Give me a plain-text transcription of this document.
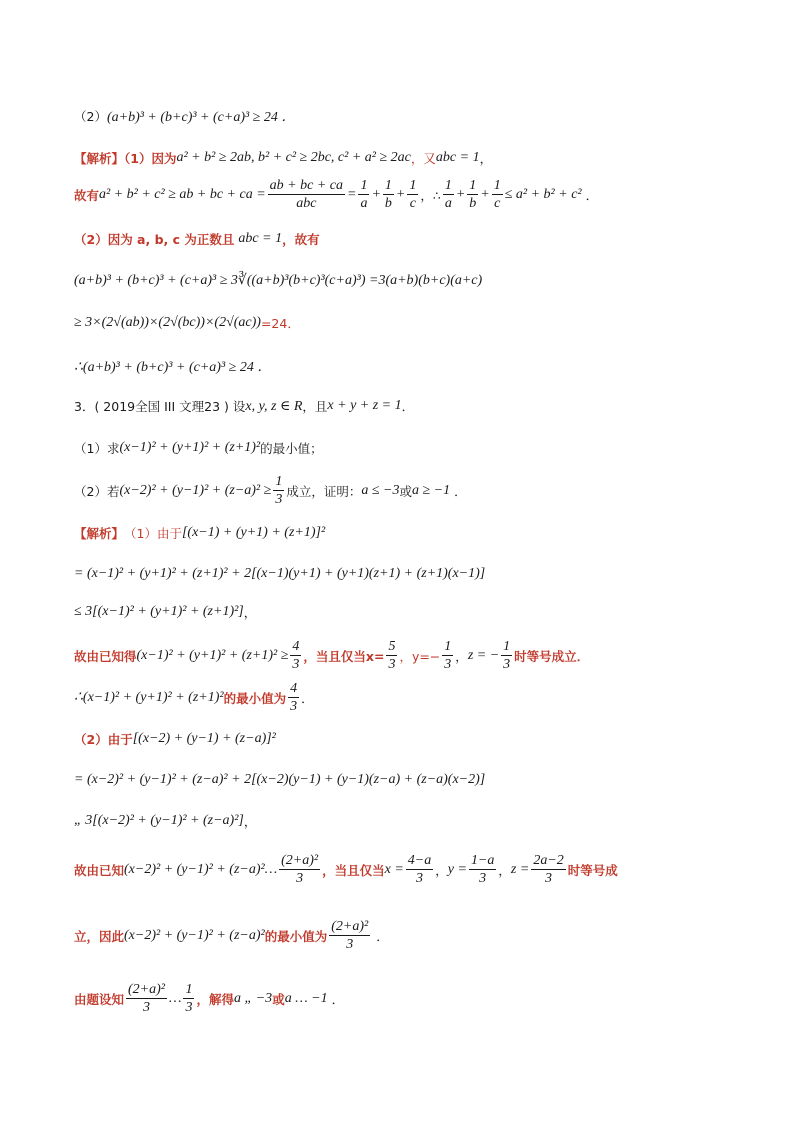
（2） (a+b)³ + (b+c)³ + (c+a)³ ≥ 24 ．
【解析】（1）因为 a² + b² ≥ 2ab, b² + c² ≥ 2bc, c² + a² ≥ 2ac ，又 abc = 1 ，
故有 a² + b² + c² ≥ ab + bc + ca = $\frac{ab + bc + ca}{\text{abc}} = \frac{1}{a} + \frac{1}{b} + \frac{1}{c}$ ，∴ $\frac{1}{a} + \frac{1}{b} + \frac{1}{c} \le a^2 + b^2 + c^2$ ．
（2）因为 a, b, c 为正数且 abc = 1 ，故有
(a+b)³ + (b+c)³ + (c+a)³ ≥ 3∛((a+b)³(b+c)³(c+a)³) =3(a+b)(b+c)(a+c)
≥ 3×(2√(ab))×(2√(bc))×(2√(ac)) =24．
∴(a+b)³ + (b+c)³ + (c+a)³ ≥ 24 ．
3．( 2019全国 III 文理23 ) 设 x, y, z ∈ R ，且 x + y + z = 1 ．
（1）求 (x−1)² + (y+1)² + (z+1)² 的最小值；
（2）若 $(x-2)^2 + (y-1)^2 + (z-a)^2 \ge \frac{1}{3}$ 成立，证明： a ≤ −3 或 a ≥ −1 ．
【解析】 （1）由于 [(x−1) + (y+1) + (z+1)]²
= (x−1)² + (y+1)² + (z+1)² + 2[(x−1)(y+1) + (y+1)(z+1) + (z+1)(x−1)]
≤ 3[(x−1)² + (y+1)² + (z+1)²] ，
故由已知得 $(x-1)^2 + (y+1)^2 + (z+1)^2 \ge \frac{4}{3}$ ，当且仅当$x= \frac{5}{3}$ ，$y=- \frac{1}{3}$ ， z = − $\frac{1}{3}$ 时等号成立．
∴(x−1)² + (y+1)² + (z+1)² 的最小值为 $\frac{4}{3}$ ．
（2）由于 [(x−2) + (y−1) + (z−a)]²
= (x−2)² + (y−1)² + (z−a)² + 2[(x−2)(y−1) + (y−1)(z−a) + (z−a)(x−2)]
„ 3[(x−2)² + (y−1)² + (z−a)²] ，
故由已知 (x−2)² + (y−1)² + (z−a)²… $\frac{\text{(2+a)²}}{3}$ ，当且仅当 $x = \frac{4-a}{3}$ ， $y = \frac{1-a}{3}$ ， $z = \frac{2a-2}{3}$ 时等号成
立，因此 (x−2)² + (y−1)² + (z−a)² 的最小值为 $\frac{\text{(2+a)²}}{3}$ ．
由题设知 $\frac{\text{(2+a)²}}{3}$ … $\frac{1}{3}$ ，解得 a „ −3 或 a … −1 ．
